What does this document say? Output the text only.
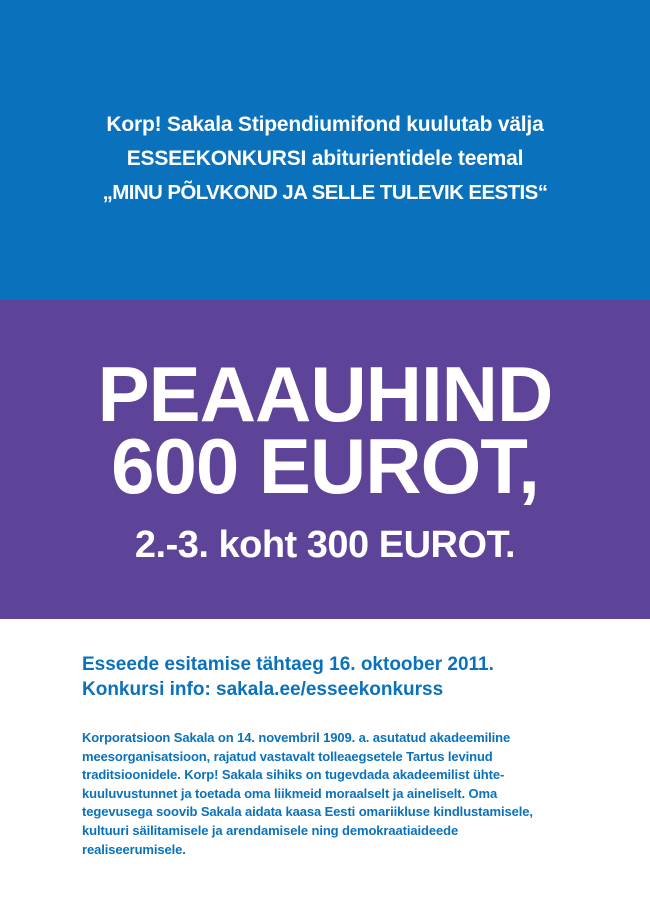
Korp! Sakala Stipendiumifond kuulutab välja
ESSEEKONKURSI abiturientidele teemal
„MINU PÕLVKOND JA SELLE TULEVIK EESTIS“
PEAAUHIND
600 EUROT,
2.-3. koht 300 EUROT.
Esseede esitamise tähtaeg 16. oktoober 2011.
Konkursi info: sakala.ee/esseekonkurss
Korporatsioon Sakala on 14. novembril 1909. a. asutatud akadeemiline
meesorganisatsioon, rajatud vastavalt tolleaegsetele Tartus levinud
traditsioonidele. Korp! Sakala sihiks on tugevdada akadeemilist ühte-
kuuluvustunnet ja toetada oma liikmeid moraalselt ja aineliselt. Oma
tegevusega soovib Sakala aidata kaasa Eesti omariikluse kindlustamisele,
kultuuri säilitamisele ja arendamisele ning demokraatiaideede
realiseerumisele.
